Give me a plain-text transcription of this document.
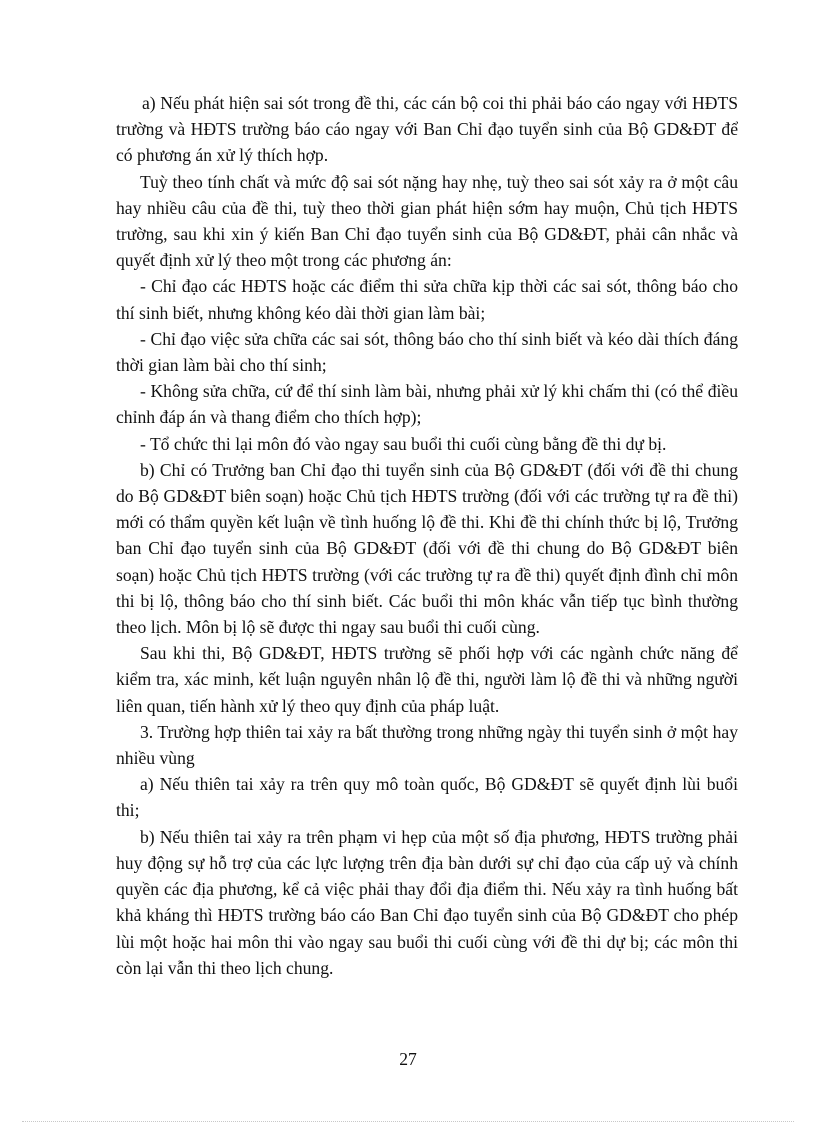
a) Nếu phát hiện sai sót trong đề thi, các cán bộ coi thi phải báo cáo ngay với HĐTS trường và HĐTS trường báo cáo ngay với Ban Chỉ đạo tuyển sinh của Bộ GD&ĐT để có phương án xử lý thích hợp.

Tuỳ theo tính chất và mức độ sai sót nặng hay nhẹ, tuỳ theo sai sót xảy ra ở một câu hay nhiều câu của đề thi, tuỳ theo thời gian phát hiện sớm hay muộn, Chủ tịch HĐTS trường, sau khi xin ý kiến Ban Chỉ đạo tuyển sinh của Bộ GD&ĐT, phải cân nhắc và quyết định xử lý theo một trong các phương án:

- Chỉ đạo các HĐTS hoặc các điểm thi sửa chữa kịp thời các sai sót, thông báo cho thí sinh biết, nhưng không kéo dài thời gian làm bài;

- Chỉ đạo việc sửa chữa các sai sót, thông báo cho thí sinh biết và kéo dài thích đáng thời gian làm bài cho thí sinh;

- Không sửa chữa, cứ để thí sinh làm bài, nhưng phải xử lý khi chấm thi (có thể điều chỉnh đáp án và thang điểm cho thích hợp);

- Tổ chức thi lại môn đó vào ngay sau buổi thi cuối cùng bằng đề thi dự bị.

b) Chỉ có Trưởng ban Chỉ đạo thi tuyển sinh của Bộ GD&ĐT (đối với đề thi chung do Bộ GD&ĐT biên soạn) hoặc Chủ tịch HĐTS trường (đối với các trường tự ra đề thi) mới có thẩm quyền kết luận về tình huống lộ đề thi. Khi đề thi chính thức bị lộ, Trưởng ban Chỉ đạo tuyển sinh của Bộ GD&ĐT (đối với đề thi chung do Bộ GD&ĐT biên soạn) hoặc Chủ tịch HĐTS trường (với các trường tự ra đề thi) quyết định đình chỉ môn thi bị lộ, thông báo cho thí sinh biết. Các buổi thi môn khác vẫn tiếp tục bình thường theo lịch. Môn bị lộ sẽ được thi ngay sau buổi thi cuối cùng.

Sau khi thi, Bộ GD&ĐT, HĐTS trường sẽ phối hợp với các ngành chức năng để kiểm tra, xác minh, kết luận nguyên nhân lộ đề thi, người làm lộ đề thi và những người liên quan, tiến hành xử lý theo quy định của pháp luật.

3. Trường hợp thiên tai xảy ra bất thường trong những ngày thi tuyển sinh ở một hay nhiều vùng

a) Nếu thiên tai xảy ra trên quy mô toàn quốc, Bộ GD&ĐT sẽ quyết định lùi buổi thi;

b) Nếu thiên tai xảy ra trên phạm vi hẹp của một số địa phương, HĐTS trường phải huy động sự hỗ trợ của các lực lượng trên địa bàn dưới sự chỉ đạo của cấp uỷ và chính quyền các địa phương, kể cả việc phải thay đổi địa điểm thi. Nếu xảy ra tình huống bất khả kháng thì HĐTS trường báo cáo Ban Chỉ đạo tuyển sinh của Bộ GD&ĐT cho phép lùi một hoặc hai môn thi vào ngay sau buổi thi cuối cùng với đề thi dự bị; các môn thi còn lại vẫn thi theo lịch chung.

27
